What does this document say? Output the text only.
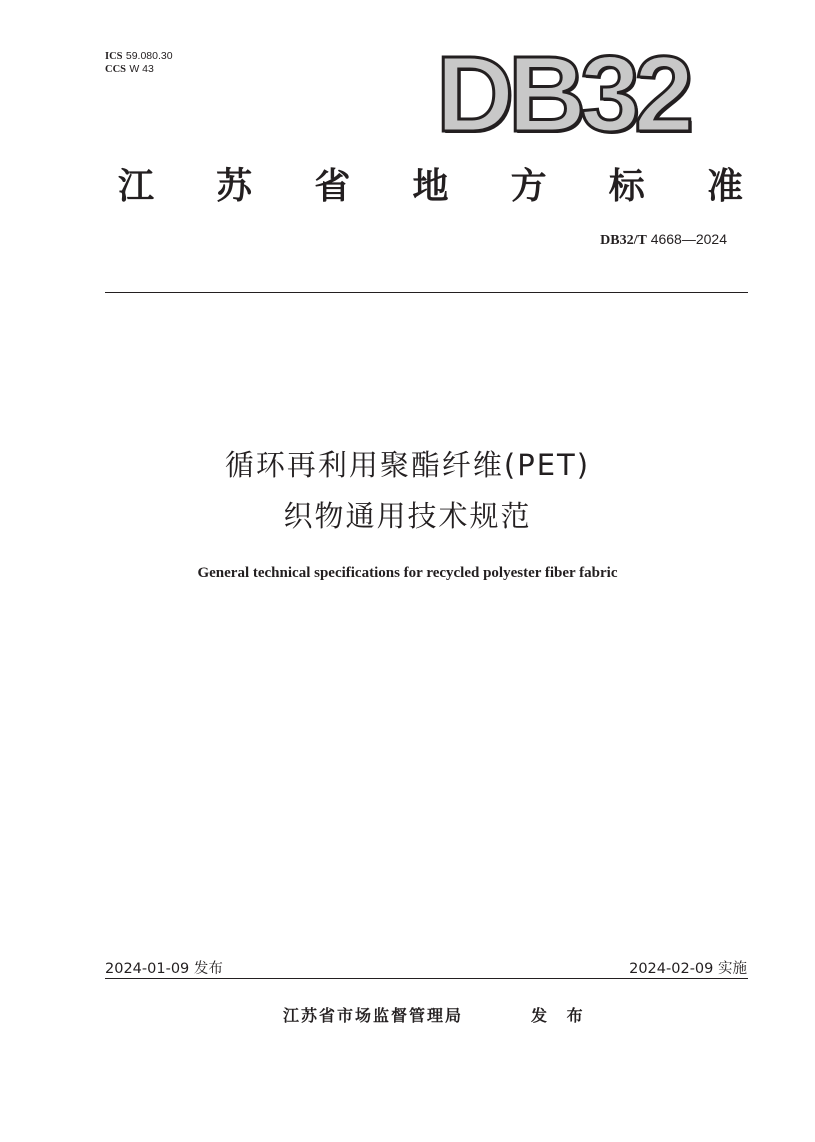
ICS 59.080.30
CCS W 43	DB32
江 苏 省 地 方 标 准
DB32/T 4668—2024
循环再利用聚酯纤维(PET)
织物通用技术规范
General technical specifications for recycled polyester fiber fabric
2024-01-09 发布	2024-02-09 实施
江苏省市场监督管理局	发 布
